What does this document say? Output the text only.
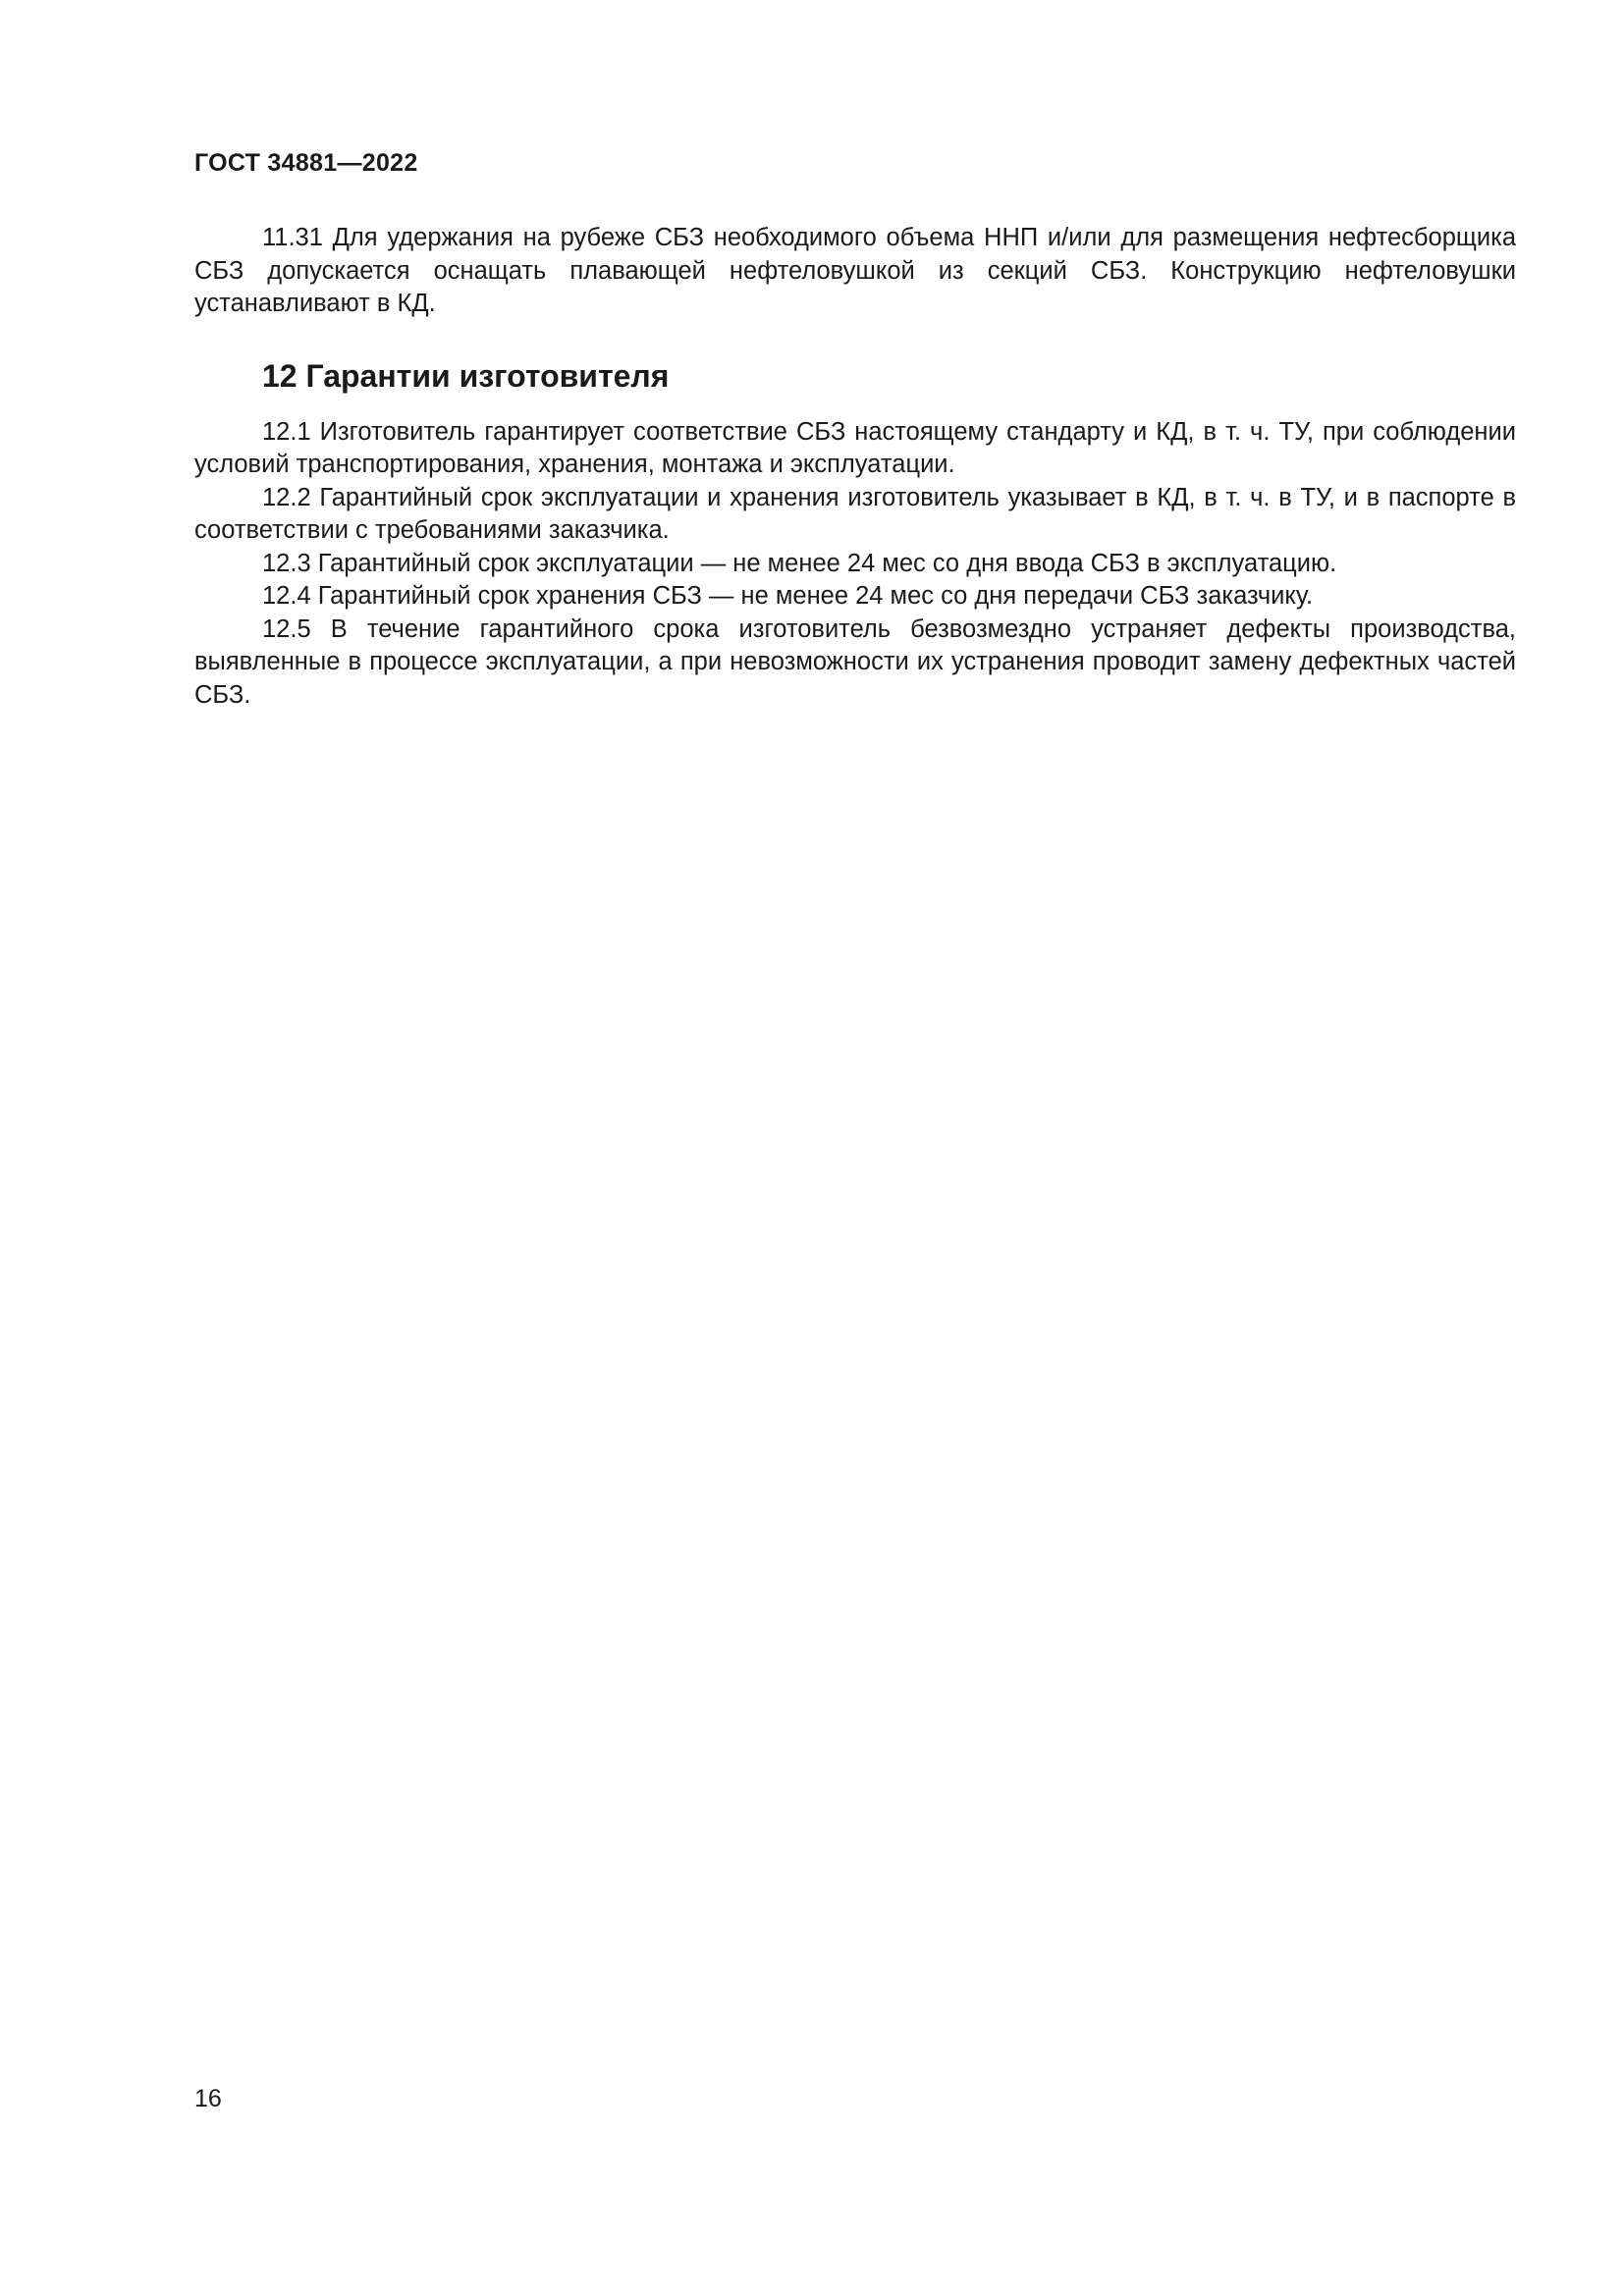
ГОСТ 34881—2022

11.31 Для удержания на рубеже СБЗ необходимого объема ННП и/или для размещения нефтесборщика СБЗ допускается оснащать плавающей нефтеловушкой из секций СБЗ. Конструкцию нефтеловушки устанавливают в КД.

12 Гарантии изготовителя

12.1 Изготовитель гарантирует соответствие СБЗ настоящему стандарту и КД, в т. ч. ТУ, при соблюдении условий транспортирования, хранения, монтажа и эксплуатации.

12.2 Гарантийный срок эксплуатации и хранения изготовитель указывает в КД, в т. ч. в ТУ, и в паспорте в соответствии с требованиями заказчика.

12.3 Гарантийный срок эксплуатации — не менее 24 мес со дня ввода СБЗ в эксплуатацию.

12.4 Гарантийный срок хранения СБЗ — не менее 24 мес со дня передачи СБЗ заказчику.

12.5 В течение гарантийного срока изготовитель безвозмездно устраняет дефекты производства, выявленные в процессе эксплуатации, а при невозможности их устранения проводит замену дефектных частей СБЗ.

16
